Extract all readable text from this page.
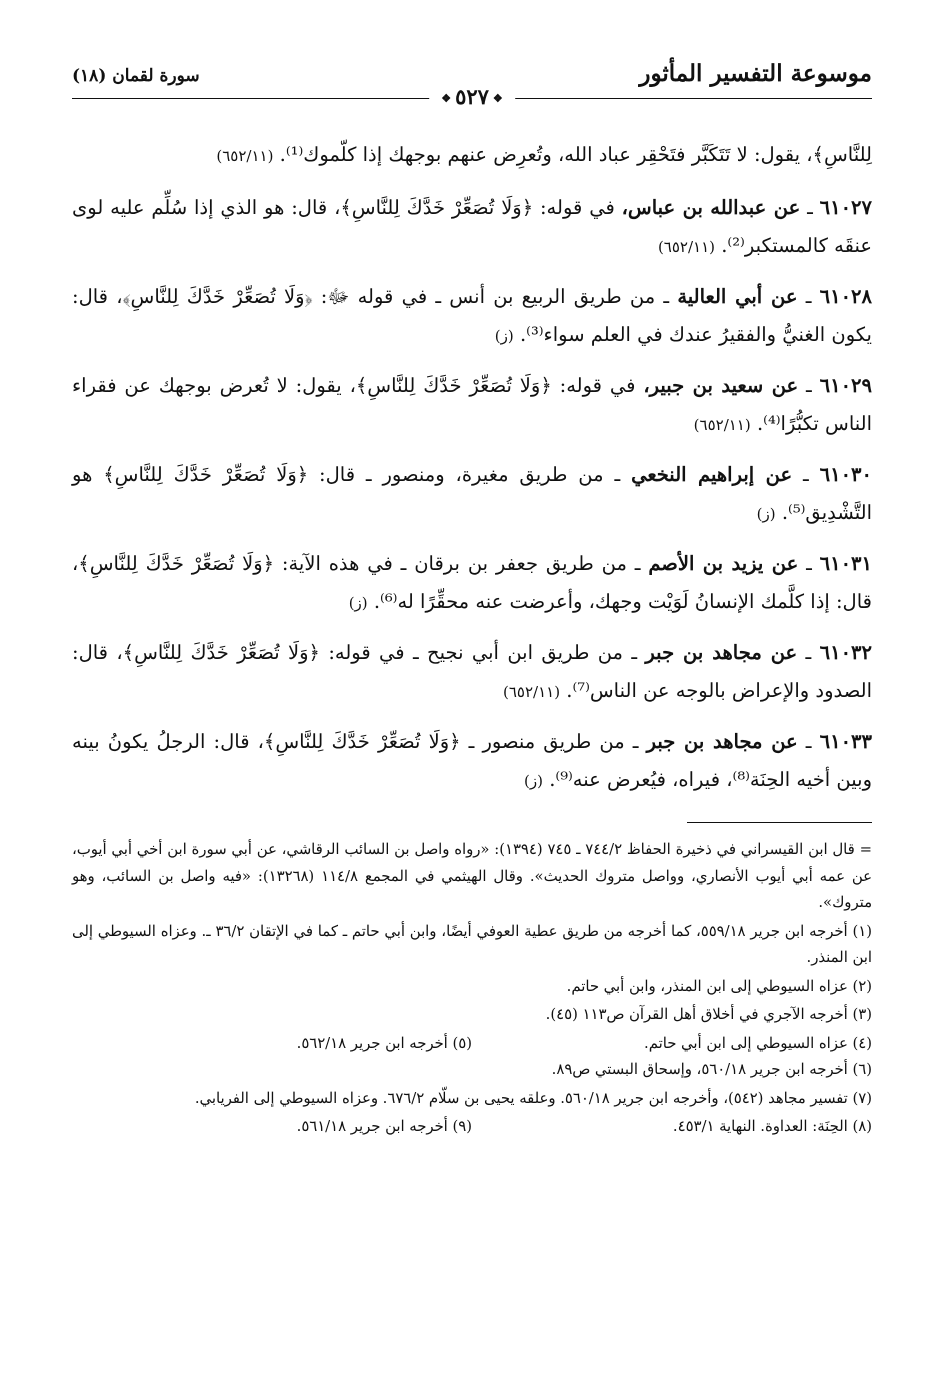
موسوعة التفسير المأثور
سورة لقمان (١٨)
❖٥٢٧❖

لِلنَّاسِ﴾، يقول: لا تَتَكَبَّر فتَحْقِر عباد الله، وتُعرِض عنهم بوجهك إذا كلّموك⁽¹⁾. (٦٥٢/١١)

٦١٠٢٧ ـ عن عبدالله بن عباس، في قوله: ﴿وَلَا تُصَعِّرْ خَدَّكَ لِلنَّاسِ﴾، قال: هو الذي إذا سُلِّم عليه لوى عنقَه كالمستكبر⁽²⁾. (٦٥٢/١١)

٦١٠٢٨ ـ عن أبي العالية ـ من طريق الربيع بن أنس ـ في قوله ﷻ: ﴿وَلَا تُصَعِّرْ خَدَّكَ لِلنَّاسِ﴾، قال: يكون الغنيُّ والفقيرُ عندك في العلم سواء⁽³⁾. (ز)

٦١٠٢٩ ـ عن سعيد بن جبير، في قوله: ﴿وَلَا تُصَعِّرْ خَدَّكَ لِلنَّاسِ﴾، يقول: لا تُعرض بوجهك عن فقراء الناس تكبُّرًا⁽⁴⁾. (٦٥٢/١١)

٦١٠٣٠ ـ عن إبراهيم النخعي ـ من طريق مغيرة، ومنصور ـ قال: ﴿وَلَا تُصَعِّرْ خَدَّكَ لِلنَّاسِ﴾ هو التَّشْدِيق⁽⁵⁾. (ز)

٦١٠٣١ ـ عن يزيد بن الأصم ـ من طريق جعفر بن برقان ـ في هذه الآية: ﴿وَلَا تُصَعِّرْ خَدَّكَ لِلنَّاسِ﴾، قال: إذا كلَّمك الإنسانُ لَوَيْت وجهك، وأعرضت عنه محقِّرًا له⁽⁶⁾. (ز)

٦١٠٣٢ ـ عن مجاهد بن جبر ـ من طريق ابن أبي نجيح ـ في قوله: ﴿وَلَا تُصَعِّرْ خَدَّكَ لِلنَّاسِ﴾، قال: الصدود والإعراض بالوجه عن الناس⁽⁷⁾. (٦٥٢/١١)

٦١٠٣٣ ـ عن مجاهد بن جبر ـ من طريق منصور ـ ﴿وَلَا تُصَعِّرْ خَدَّكَ لِلنَّاسِ﴾، قال: الرجلُ يكونُ بينه وبين أخيه الحِنَة⁽⁸⁾، فيراه، فيُعرض عنه⁽⁹⁾. (ز)

= قال ابن القيسراني في ذخيرة الحفاظ ٧٤٤/٢ ـ ٧٤٥ (١٣٩٤): «رواه واصل بن السائب الرقاشي، عن أبي سورة ابن أخي أبي أيوب، عن عمه أبي أيوب الأنصاري، وواصل متروك الحديث». وقال الهيثمي في المجمع ١١٤/٨ (١٣٢٦٨): «فيه واصل بن السائب، وهو متروك».

(١) أخرجه ابن جرير ٥٥٩/١٨، كما أخرجه من طريق عطية العوفي أيضًا، وابن أبي حاتم ـ كما في الإتقان ٣٦/٢ ـ. وعزاه السيوطي إلى ابن المنذر.

(٢) عزاه السيوطي إلى ابن المنذر، وابن أبي حاتم.

(٣) أخرجه الآجري في أخلاق أهل القرآن ص١١٣ (٤٥).

(٤) عزاه السيوطي إلى ابن أبي حاتم.
(٥) أخرجه ابن جرير ٥٦٢/١٨.

(٦) أخرجه ابن جرير ٥٦٠/١٨، وإسحاق البستي ص٨٩.

(٧) تفسير مجاهد (٥٤٢)، وأخرجه ابن جرير ٥٦٠/١٨. وعلقه يحيى بن سلّام ٦٧٦/٢. وعزاه السيوطي إلى الفريابي.

(٨) الحِنَة: العداوة. النهاية ٤٥٣/١.
(٩) أخرجه ابن جرير ٥٦١/١٨.
